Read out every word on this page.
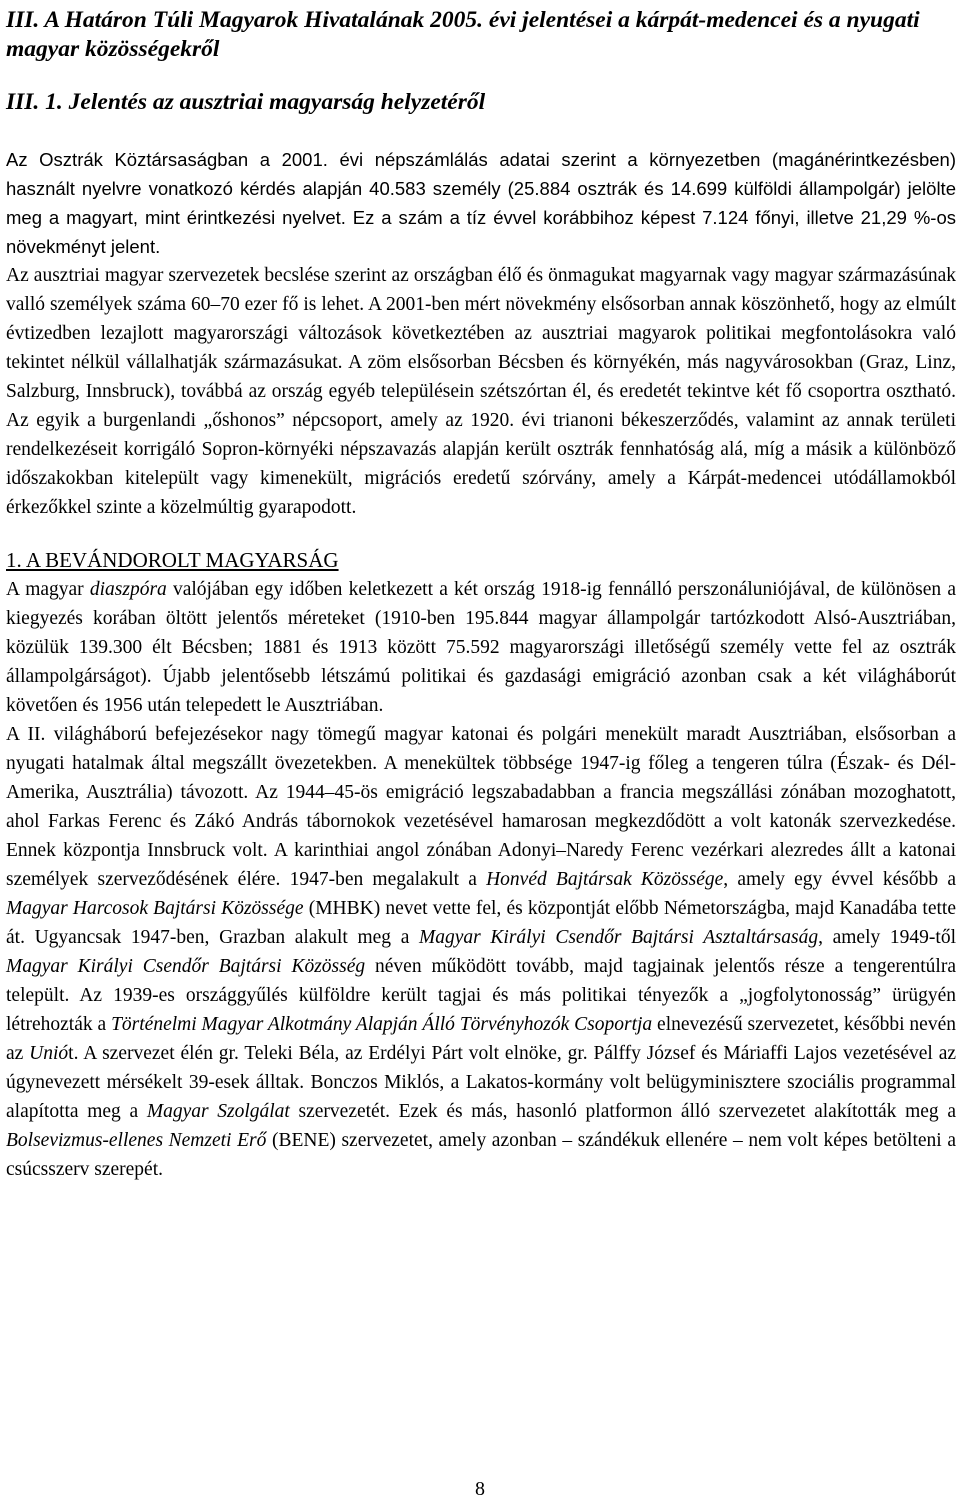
III. A Határon Túli Magyarok Hivatalának 2005. évi jelentései a kárpát-medencei és a nyugati magyar közösségekről
III. 1. Jelentés az ausztriai magyarság helyzetéről

Az Osztrák Köztársaságban a 2001. évi népszámlálás adatai szerint a környezetben (magánérintkezésben) használt nyelvre vonatkozó kérdés alapján 40.583 személy (25.884 osztrák és 14.699 külföldi állampolgár) jelölte meg a magyart, mint érintkezési nyelvet. Ez a szám a tíz évvel korábbihoz képest 7.124 főnyi, illetve 21,29 %-os növekményt jelent.

Az ausztriai magyar szervezetek becslése szerint az országban élő és önmagukat magyarnak vagy magyar származásúnak valló személyek száma 60–70 ezer fő is lehet. A 2001-ben mért növekmény elsősorban annak köszönhető, hogy az elmúlt évtizedben lezajlott magyarországi változások következtében az ausztriai magyarok politikai megfontolásokra való tekintet nélkül vállalhatják származásukat. A zöm elsősorban Bécsben és környékén, más nagyvárosokban (Graz, Linz, Salzburg, Innsbruck), továbbá az ország egyéb településein szétszórtan él, és eredetét tekintve két fő csoportra osztható. Az egyik a burgenlandi „őshonos” népcsoport, amely az 1920. évi trianoni békeszerződés, valamint az annak területi rendelkezéseit korrigáló Sopron-környéki népszavazás alapján került osztrák fennhatóság alá, míg a másik a különböző időszakokban kitelepült vagy kimenekült, migrációs eredetű szórvány, amely a Kárpát-medencei utódállamokból érkezőkkel szinte a közelmúltig gyarapodott.

1. A BEVÁNDOROLT MAGYARSÁG

A magyar diaszpóra valójában egy időben keletkezett a két ország 1918-ig fennálló perszonáluniójával, de különösen a kiegyezés korában öltött jelentős méreteket (1910-ben 195.844 magyar állampolgár tartózkodott Alsó-Ausztriában, közülük 139.300 élt Bécsben; 1881 és 1913 között 75.592 magyarországi illetőségű személy vette fel az osztrák állampolgárságot). Újabb jelentősebb létszámú politikai és gazdasági emigráció azonban csak a két világháborút követően és 1956 után telepedett le Ausztriában.

A II. világháború befejezésekor nagy tömegű magyar katonai és polgári menekült maradt Ausztriában, elsősorban a nyugati hatalmak által megszállt övezetekben. A menekültek többsége 1947-ig főleg a tengeren túlra (Észak- és Dél-Amerika, Ausztrália) távozott. Az 1944–45-ös emigráció legszabadabban a francia megszállási zónában mozoghatott, ahol Farkas Ferenc és Zákó András tábornokok vezetésével hamarosan megkezdődött a volt katonák szervezkedése. Ennek központja Innsbruck volt. A karinthiai angol zónában Adonyi–Naredy Ferenc vezérkari alezredes állt a katonai személyek szerveződésének élére. 1947-ben megalakult a Honvéd Bajtársak Közössége, amely egy évvel később a Magyar Harcosok Bajtársi Közössége (MHBK) nevet vette fel, és központját előbb Németországba, majd Kanadába tette át. Ugyancsak 1947-ben, Grazban alakult meg a Magyar Királyi Csendőr Bajtársi Asztaltársaság, amely 1949-től Magyar Királyi Csendőr Bajtársi Közösség néven működött tovább, majd tagjainak jelentős része a tengerentúlra települt. Az 1939-es országgyűlés külföldre került tagjai és más politikai tényezők a „jogfolytonosság” ürügyén létrehozták a Történelmi Magyar Alkotmány Alapján Álló Törvényhozók Csoportja elnevezésű szervezetet, későbbi nevén az Uniót. A szervezet élén gr. Teleki Béla, az Erdélyi Párt volt elnöke, gr. Pálffy József és Máriaffi Lajos vezetésével az úgynevezett mérsékelt 39-esek álltak. Bonczos Miklós, a Lakatos-kormány volt belügyminisztere szociális programmal alapította meg a Magyar Szolgálat szervezetét. Ezek és más, hasonló platformon álló szervezetet alakították meg a Bolsevizmus-ellenes Nemzeti Erő (BENE) szervezetet, amely azonban – szándékuk ellenére – nem volt képes betölteni a csúcsszerv szerepét.

8
